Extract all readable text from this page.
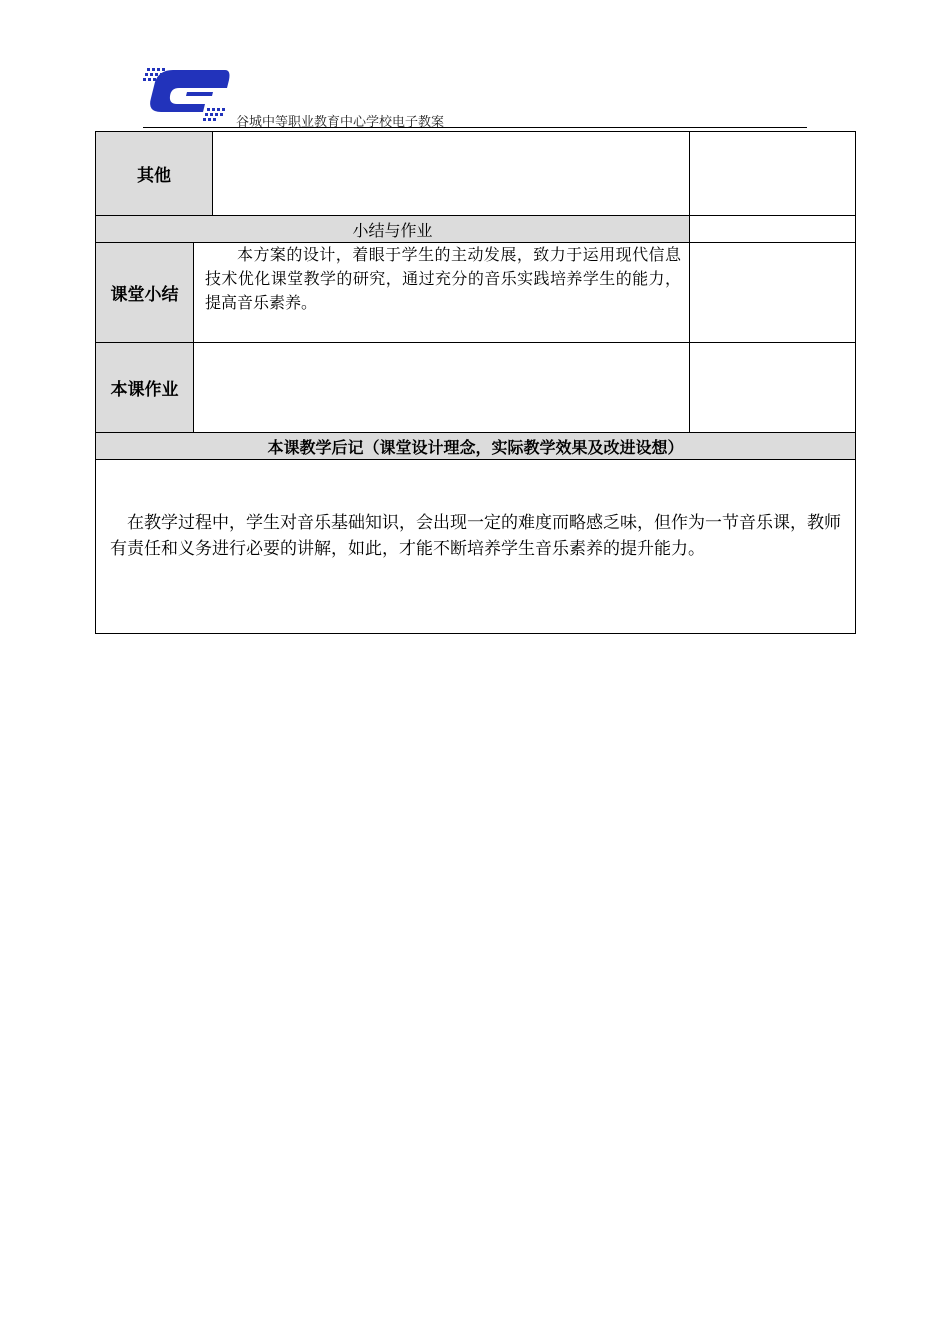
谷城中等职业教育中心学校电子教案
其他
小结与作业
课堂小结
本方案的设计，着眼于学生的主动发展，致力于运用现代信息技术优化课堂教学的研究，通过充分的音乐实践培养学生的能力，提高音乐素养。
本课作业
本课教学后记（课堂设计理念，实际教学效果及改进设想）
在教学过程中，学生对音乐基础知识，会出现一定的难度而略感乏味，但作为一节音乐课，教师有责任和义务进行必要的讲解，如此，才能不断培养学生音乐素养的提升能力。
